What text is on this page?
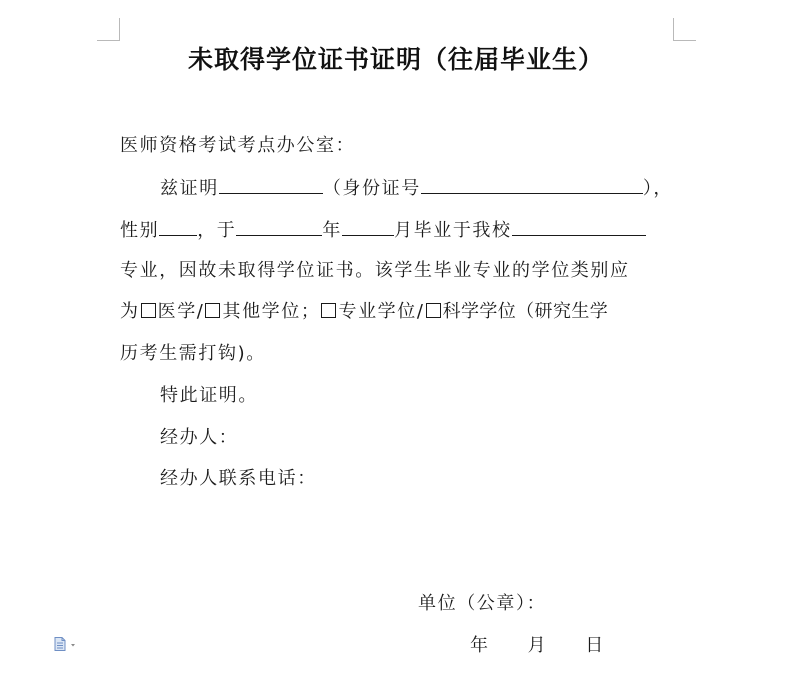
未取得学位证书证明（往届毕业生）
医师资格考试考点办公室：
兹证明	（身份证号	），
性别 ，于	年	月毕业于我校
专业，因故未取得学位证书。该学生毕业专业的学位类别应
为 医学/ 其他学位； 专业学位/ 科学学位（研究生学
历考生需打钩)。
特此证明。
经办人：
经办人联系电话：
单位（公章）：
年 月 日
